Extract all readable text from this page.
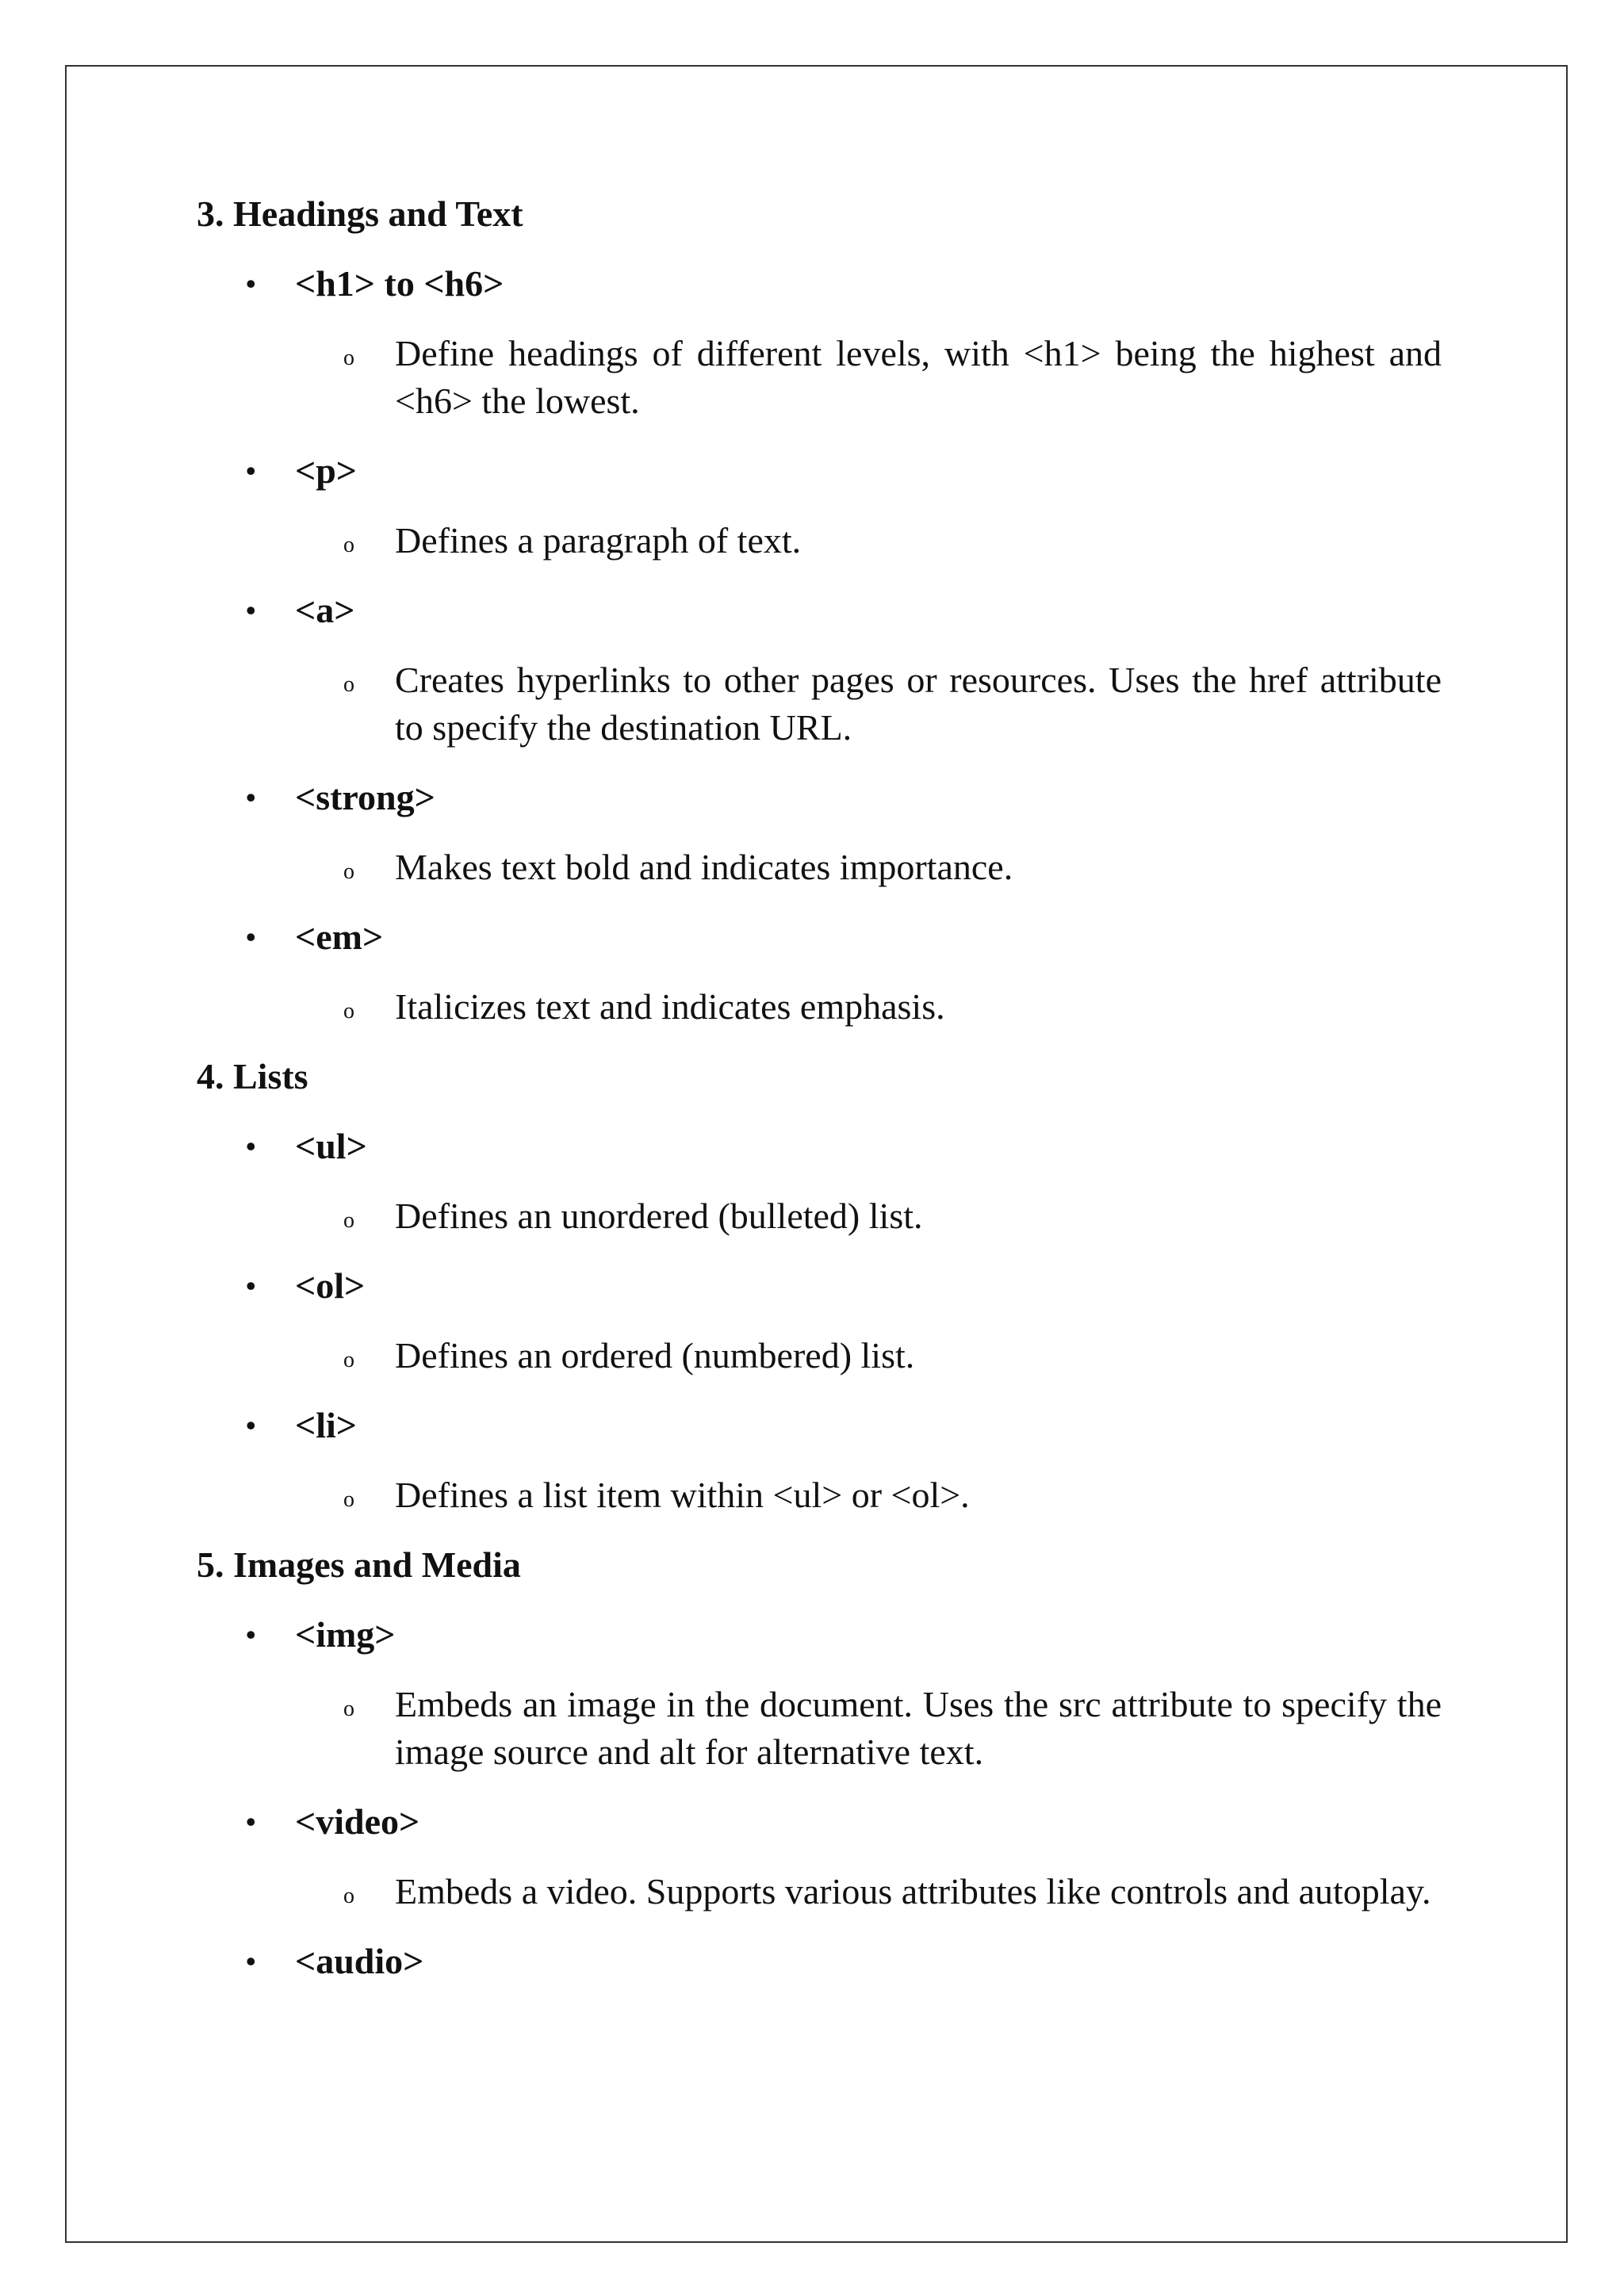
3. Headings and Text
• <h1> to <h6>
o Define headings of different levels, with <h1> being the highest and <h6> the lowest.
• <p>
o Defines a paragraph of text.
• <a>
o Creates hyperlinks to other pages or resources. Uses the href attribute to specify the destination URL.
• <strong>
o Makes text bold and indicates importance.
• <em>
o Italicizes text and indicates emphasis.
4. Lists
• <ul>
o Defines an unordered (bulleted) list.
• <ol>
o Defines an ordered (numbered) list.
• <li>
o Defines a list item within <ul> or <ol>.
5. Images and Media
• <img>
o Embeds an image in the document. Uses the src attribute to specify the image source and alt for alternative text.
• <video>
o Embeds a video. Supports various attributes like controls and autoplay.
• <audio>
